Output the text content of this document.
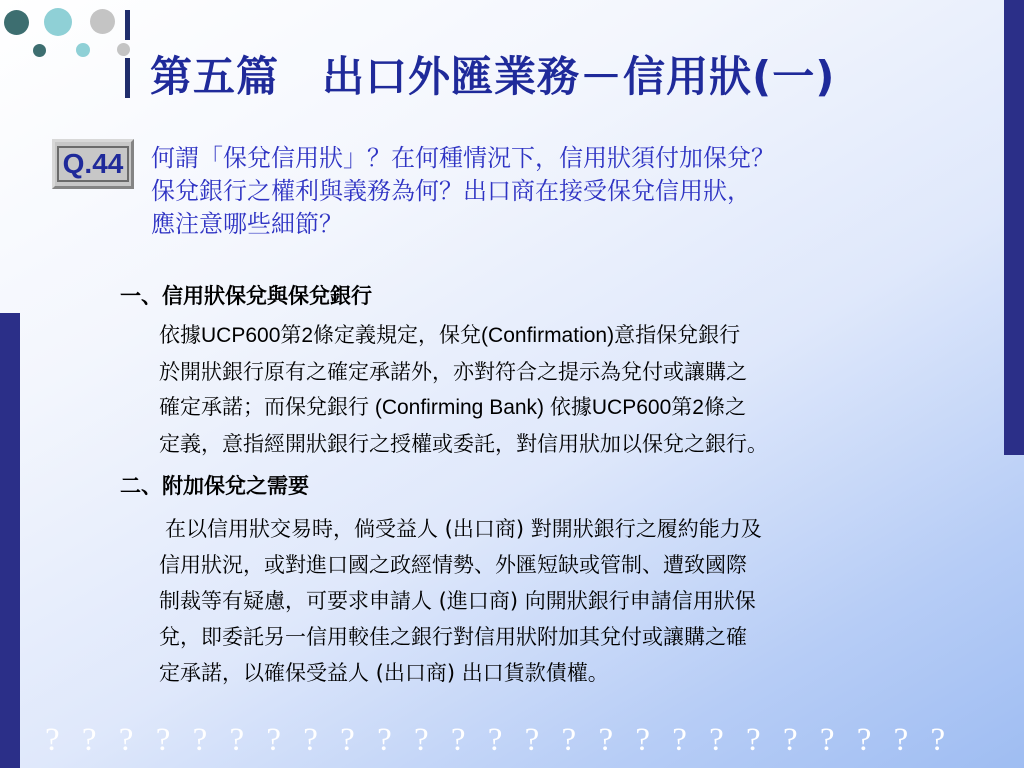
第五篇　出口外匯業務－信用狀(一)
Q.44 何謂「保兌信用狀」？在何種情況下，信用狀須付加保兌？

保兌銀行之權利與義務為何？出口商在接受保兌信用狀，

應注意哪些細節？

一、信用狀保兌與保兌銀行

依據UCP600第2條定義規定，保兌(Confirmation)意指保兌銀行

於開狀銀行原有之確定承諾外，亦對符合之提示為兌付或讓購之

確定承諾；而保兌銀行 (Confirming Bank) 依據UCP600第2條之

定義，意指經開狀銀行之授權或委託，對信用狀加以保兌之銀行。

二、附加保兌之需要

在以信用狀交易時，倘受益人 (出口商) 對開狀銀行之履約能力及

信用狀況，或對進口國之政經情勢、外匯短缺或管制、遭致國際

制裁等有疑慮，可要求申請人 (進口商) 向開狀銀行申請信用狀保

兌，即委託另一信用較佳之銀行對信用狀附加其兌付或讓購之確

定承諾，以確保受益人 (出口商) 出口貨款債權。

? ? ? ? ? ? ? ? ? ? ? ? ? ? ? ? ? ? ? ? ? ? ? ? ?
